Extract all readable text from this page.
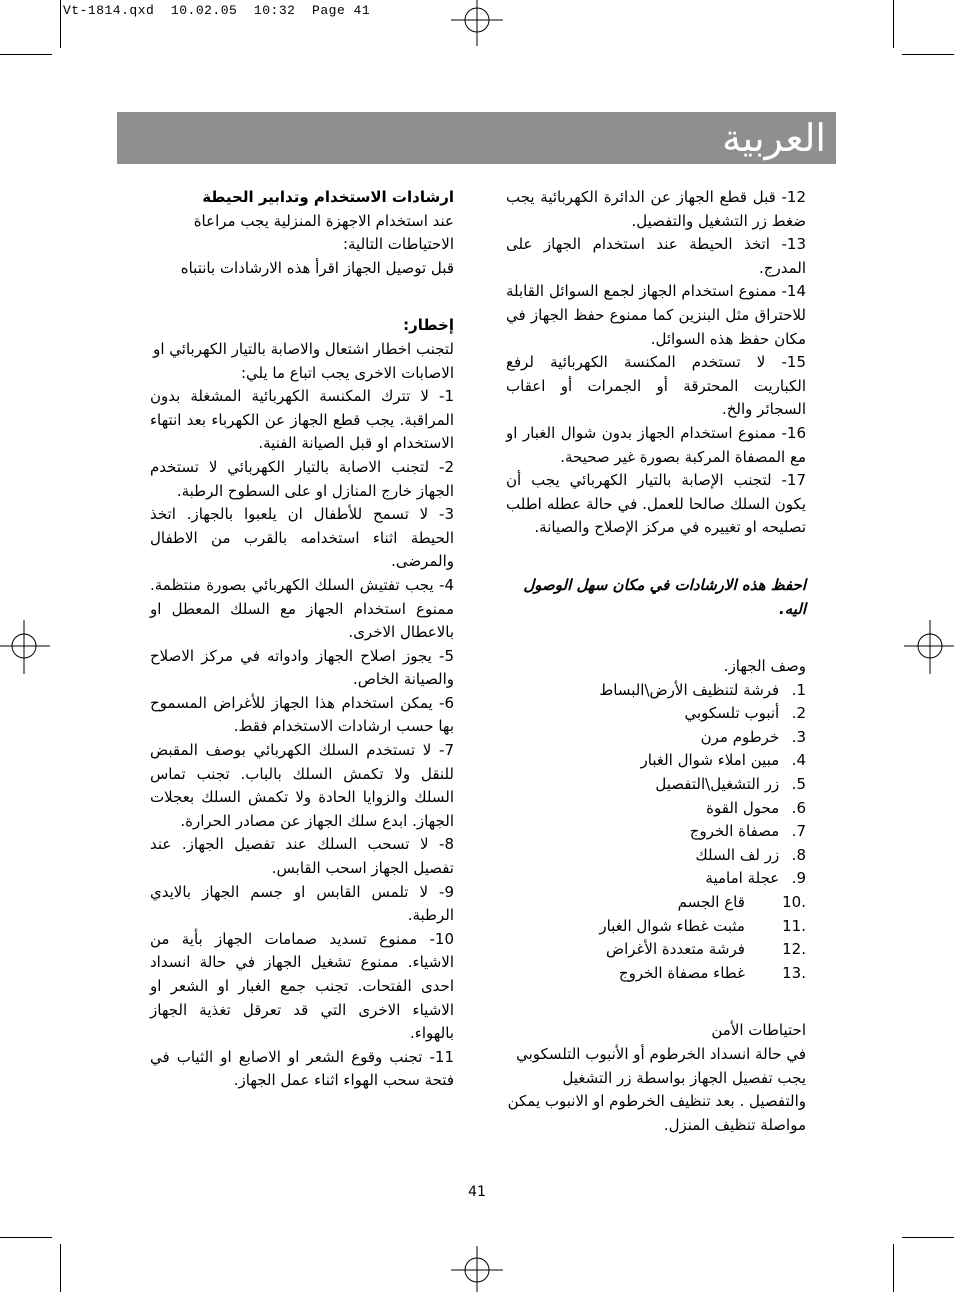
Vt-1814.qxd  10.02.05  10:32  Page 41
العربية

12- قبل قطع الجهاز عن الدائرة الكهربائية يجب ضغط زر التشغيل والتفصيل.

13- اتخذ الحيطة عند استخدام الجهاز على المدرج.

14- ممنوع استخدام الجهاز لجمع السوائل القابلة للاحتراق مثل البنزين كما ممنوع حفظ الجهاز في مكان حفظ هذه السوائل.

15- لا تستخدم المكنسة الكهربائية لرفع الكباريت المحترقة أو الجمرات أو اعقاب السجائر والخ.

16- ممنوع استخدام الجهاز بدون شوال الغبار او مع المصفاة المركبة بصورة غير صحيحة.

17- لتجنب الإصابة بالتيار الكهربائي يجب أن يكون السلك صالحا للعمل. في حالة عطله اطلب تصليحه او تغييره في مركز الإصلاح والصيانة.

احفظ هذه الارشادات في مكان سهل الوصول اليه.

وصف الجهاز.

1.

فرشة لتنظيف الأرض\البساط
2.

أنبوب تلسكوبي
3.

خرطوم مرن
4.

مبين املاء شوال الغبار
5.

زر التشغيل\التفصيل
6.

محول القوة
7.

مصفاة الخروج
8.

زر لف السلك
9.

عجلة امامية
.10

قاع الجسم
.11

مثبت غطاء شوال الغبار
.12

فرشة متعددة الأغراض
.13

غطاء مصفاة الخروج

احتياطات الأمن

في حالة انسداد الخرطوم أو الأنبوب التلسكوبي يجب تفصيل الجهاز بواسطة زر التشغيل والتفصيل . بعد تنظيف الخرطوم او الانبوب يمكن مواصلة تنظيف المنزل.

ارشادات الاستخدام وتدابير الحيطة

عند استخدام الاجهزة المنزلية يجب مراعاة الاحتياطات التالية:

قبل توصيل الجهاز اقرأ هذه الارشادات بانتباه

إخطار:

لتجنب اخطار اشتعال والاصابة بالتيار الكهربائي او الاصابات الاخرى يجب اتباع ما يلي:

1- لا تترك المكنسة الكهربائية المشغلة بدون المراقبة. يجب قطع الجهاز عن الكهرباء بعد انتهاء الاستخدام او قبل الصيانة الفنية.

2- لتجنب الاصابة بالتيار الكهربائي لا تستخدم الجهاز خارج المنازل او على السطوح الرطبة.

3- لا تسمح للأطفال ان يلعبوا بالجهاز. اتخذ الحيطة اثناء استخدامه بالقرب من الاطفال والمرضى.

4- يجب تفتيش السلك الكهربائي بصورة منتظمة. ممنوع استخدام الجهاز مع السلك المعطل او بالاعطال الاخرى.

5- يجوز اصلاح الجهاز وادواته في مركز الاصلاح والصيانة الخاص.

6- يمكن استخدام هذا الجهاز للأغراض المسموح بها حسب ارشادات الاستخدام فقط.

7- لا تستخدم السلك الكهربائي بوصف المقبض للنقل ولا تكمش السلك بالباب. تجنب تماس السلك والزوايا الحادة ولا تكمش السلك بعجلات الجهاز. ابدع سلك الجهاز عن مصادر الحرارة.

8- لا تسحب السلك عند تفصيل الجهاز. عند تفصيل الجهاز اسحب القابس.

9- لا تلمس القابس او جسم الجهاز بالايدي الرطبة.

10- ممنوع تسديد صمامات الجهاز بأية من الاشياء. ممنوع تشغيل الجهاز في حالة انسداد احدى الفتحات. تجنب جمع الغبار او الشعر او الاشياء الاخرى التي قد تعرقل تغذية الجهاز بالهواء.

11- تجنب وقوع الشعر او الاصابع او الثياب في فتحة سحب الهواء اثناء عمل الجهاز.

41
